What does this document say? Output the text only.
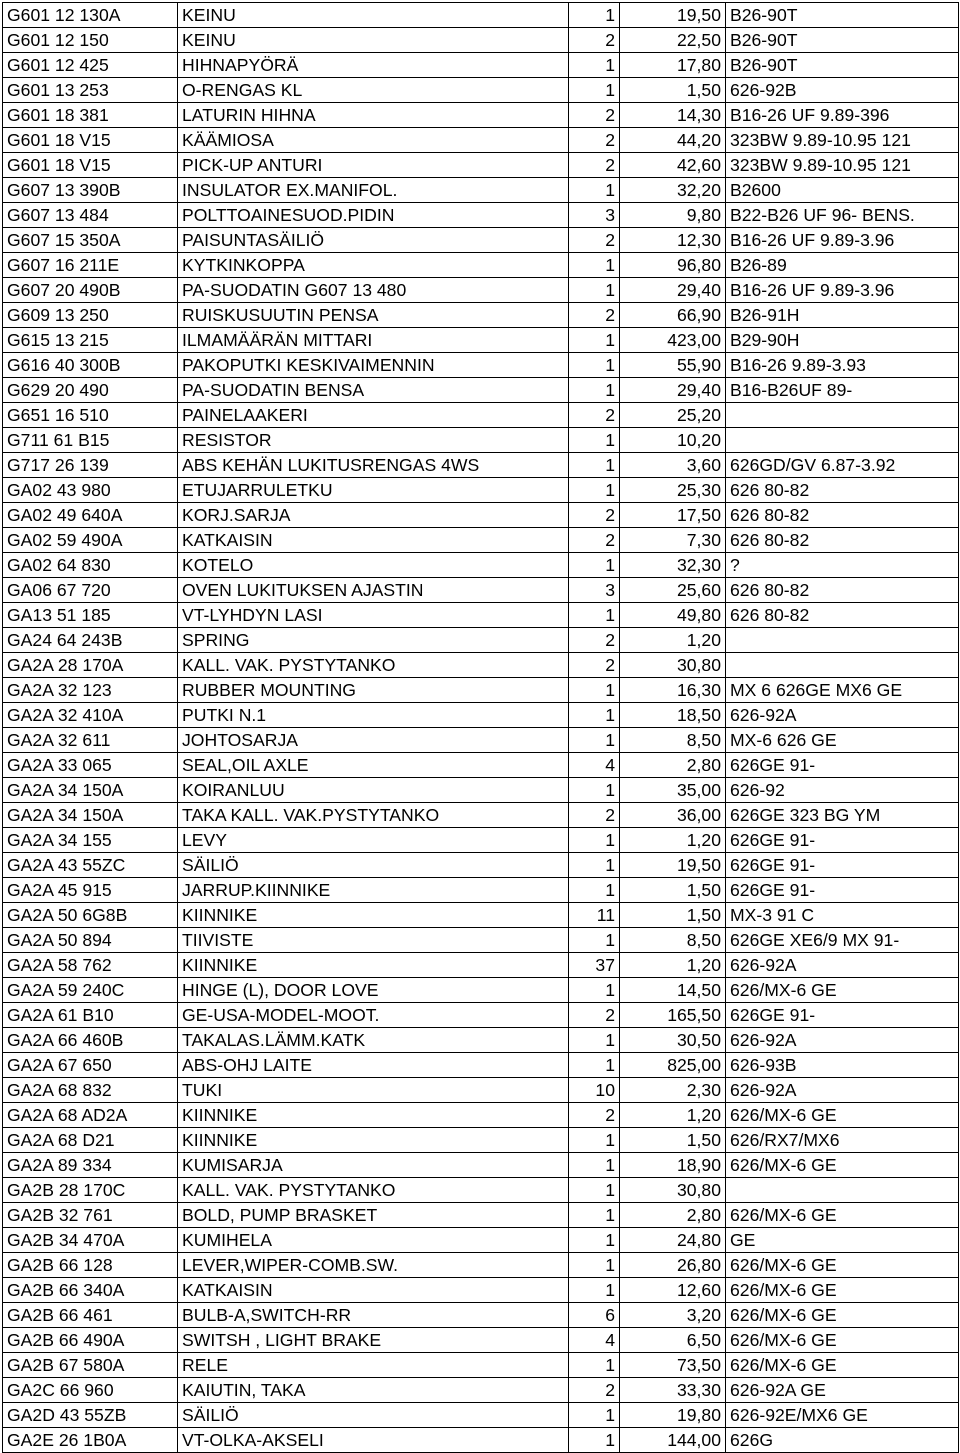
G601 12 130A	KEINU	1	19,50	B26-90T
G601 12 150	KEINU	2	22,50	B26-90T
G601 12 425	HIHNAPYÖRÄ	1	17,80	B26-90T
G601 13 253	O-RENGAS KL	1	1,50	626-92B
G601 18 381	LATURIN HIHNA	2	14,30	B16-26 UF 9.89-396
G601 18 V15	KÄÄMIOSA	2	44,20	323BW 9.89-10.95 121
G601 18 V15	PICK-UP ANTURI	2	42,60	323BW 9.89-10.95 121
G607 13 390B	INSULATOR EX.MANIFOL.	1	32,20	B2600
G607 13 484	POLTTOAINESUOD.PIDIN	3	9,80	B22-B26 UF 96- BENS.
G607 15 350A	PAISUNTASÄILIÖ	2	12,30	B16-26 UF 9.89-3.96
G607 16 211E	KYTKINKOPPA	1	96,80	B26-89
G607 20 490B	PA-SUODATIN G607 13 480	1	29,40	B16-26 UF 9.89-3.96
G609 13 250	RUISKUSUUTIN PENSA	2	66,90	B26-91H
G615 13 215	ILMAMÄÄRÄN MITTARI	1	423,00	B29-90H
G616 40 300B	PAKOPUTKI KESKIVAIMENNIN	1	55,90	B16-26 9.89-3.93
G629 20 490	PA-SUODATIN BENSA	1	29,40	B16-B26UF 89-
G651 16 510	PAINELAAKERI	2	25,20	
G711 61 B15	RESISTOR	1	10,20	
G717 26 139	ABS KEHÄN LUKITUSRENGAS 4WS	1	3,60	626GD/GV 6.87-3.92
GA02 43 980	ETUJARRULETKU	1	25,30	626 80-82
GA02 49 640A	KORJ.SARJA	2	17,50	626 80-82
GA02 59 490A	KATKAISIN	2	7,30	626 80-82
GA02 64 830	KOTELO	1	32,30	?
GA06 67 720	OVEN LUKITUKSEN AJASTIN	3	25,60	626 80-82
GA13 51 185	VT-LYHDYN LASI	1	49,80	626 80-82
GA24 64 243B	SPRING	2	1,20	
GA2A 28 170A	KALL. VAK. PYSTYTANKO	2	30,80	
GA2A 32 123	RUBBER MOUNTING	1	16,30	MX 6 626GE MX6 GE
GA2A 32 410A	PUTKI N.1	1	18,50	626-92A
GA2A 32 611	JOHTOSARJA	1	8,50	MX-6 626 GE
GA2A 33 065	SEAL,OIL AXLE	4	2,80	626GE 91-
GA2A 34 150A	KOIRANLUU	1	35,00	626-92
GA2A 34 150A	TAKA KALL. VAK.PYSTYTANKO	2	36,00	626GE 323 BG YM
GA2A 34 155	LEVY	1	1,20	626GE 91-
GA2A 43 55ZC	SÄILIÖ	1	19,50	626GE 91-
GA2A 45 915	JARRUP.KIINNIKE	1	1,50	626GE 91-
GA2A 50 6G8B	KIINNIKE	11	1,50	MX-3 91 C
GA2A 50 894	TIIVISTE	1	8,50	626GE XE6/9 MX 91-
GA2A 58 762	KIINNIKE	37	1,20	626-92A
GA2A 59 240C	HINGE (L), DOOR LOVE	1	14,50	626/MX-6 GE
GA2A 61 B10	GE-USA-MODEL-MOOT.	2	165,50	626GE 91-
GA2A 66 460B	TAKALAS.LÄMM.KATK	1	30,50	626-92A
GA2A 67 650	ABS-OHJ LAITE	1	825,00	626-93B
GA2A 68 832	TUKI	10	2,30	626-92A
GA2A 68 AD2A	KIINNIKE	2	1,20	626/MX-6 GE
GA2A 68 D21	KIINNIKE	1	1,50	626/RX7/MX6
GA2A 89 334	KUMISARJA	1	18,90	626/MX-6 GE
GA2B 28 170C	KALL. VAK. PYSTYTANKO	1	30,80	
GA2B 32 761	BOLD, PUMP BRASKET	1	2,80	626/MX-6 GE
GA2B 34 470A	KUMIHELA	1	24,80	GE
GA2B 66 128	LEVER,WIPER-COMB.SW.	1	26,80	626/MX-6 GE
GA2B 66 340A	KATKAISIN	1	12,60	626/MX-6 GE
GA2B 66 461	BULB-A,SWITCH-RR	6	3,20	626/MX-6 GE
GA2B 66 490A	SWITSH , LIGHT BRAKE	4	6,50	626/MX-6 GE
GA2B 67 580A	RELE	1	73,50	626/MX-6 GE
GA2C 66 960	KAIUTIN, TAKA	2	33,30	626-92A GE
GA2D 43 55ZB	SÄILIÖ	1	19,80	626-92E/MX6 GE
GA2E 26 1B0A	VT-OLKA-AKSELI	1	144,00	626G
